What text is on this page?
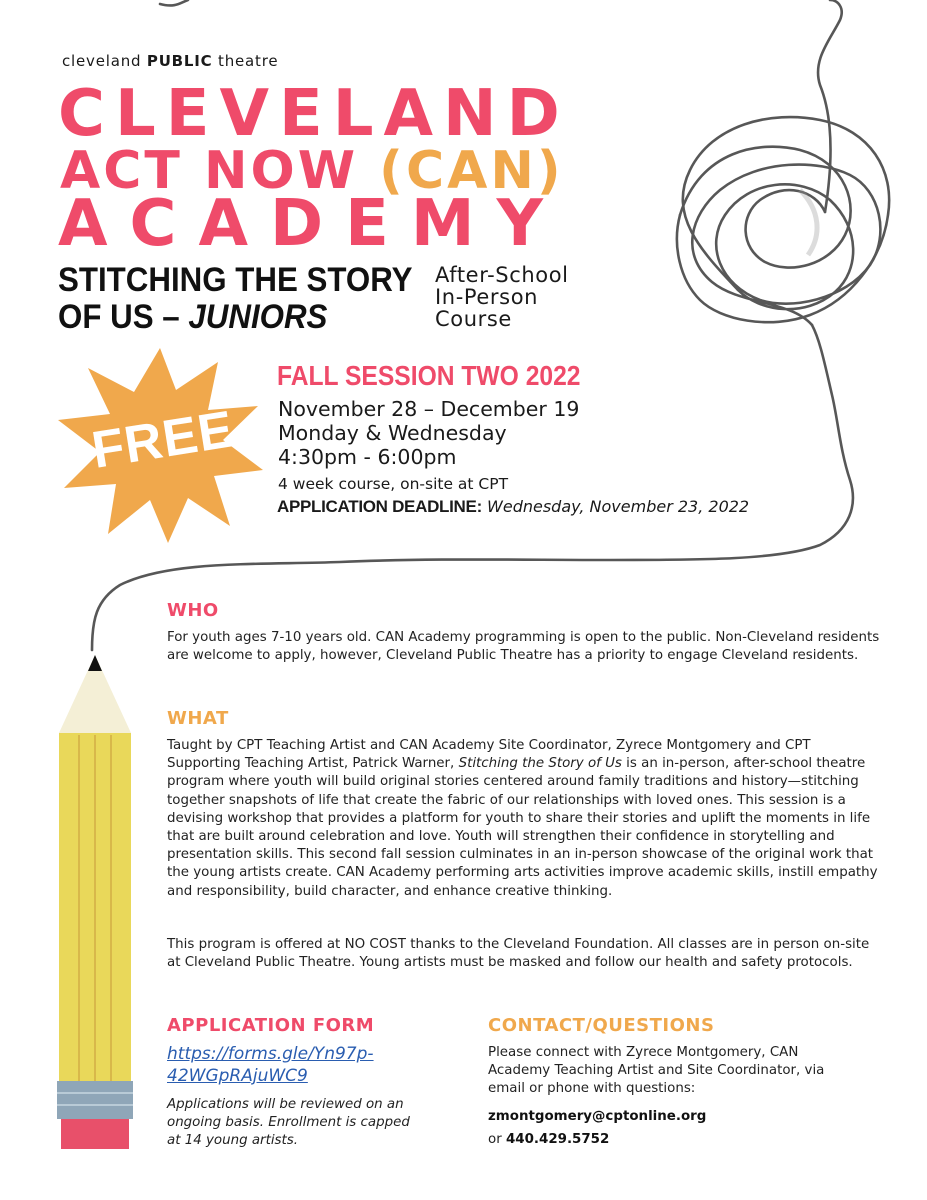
cleveland PUBLIC theatre
CLEVELAND
ACT NOW (CAN)
ACADEMY
STITCHING THE STORY
OF US – JUNIORS
After-School
In-Person
Course
FREE
FALL SESSION TWO 2022
November 28 – December 19
Monday & Wednesday
4:30pm - 6:00pm
4 week course, on-site at CPT
APPLICATION DEADLINE: Wednesday, November 23, 2022
WHO
For youth ages 7-10 years old. CAN Academy programming is open to the public. Non-Cleveland residents are welcome to apply, however, Cleveland Public Theatre has a priority to engage Cleveland residents.
WHAT
Taught by CPT Teaching Artist and CAN Academy Site Coordinator, Zyrece Montgomery and CPT Supporting Teaching Artist, Patrick Warner, Stitching the Story of Us is an in-person, after-school theatre program where youth will build original stories centered around family traditions and history—stitching together snapshots of life that create the fabric of our relationships with loved ones. This session is a devising workshop that provides a platform for youth to share their stories and uplift the moments in life that are built around celebration and love. Youth will strengthen their confidence in storytelling and presentation skills. This second fall session culminates in an in-person showcase of the original work that the young artists create. CAN Academy performing arts activities improve academic skills, instill empathy and responsibility, build character, and enhance creative thinking.
This program is offered at NO COST thanks to the Cleveland Foundation. All classes are in person on-site at Cleveland Public Theatre. Young artists must be masked and follow our health and safety protocols.
APPLICATION FORM
https://forms.gle/Yn97p-42WGpRAjuWC9
Applications will be reviewed on an ongoing basis. Enrollment is capped at 14 young artists.
CONTACT/QUESTIONS
Please connect with Zyrece Montgomery, CAN Academy Teaching Artist and Site Coordinator, via email or phone with questions:
zmontgomery@cptonline.org
or 440.429.5752
